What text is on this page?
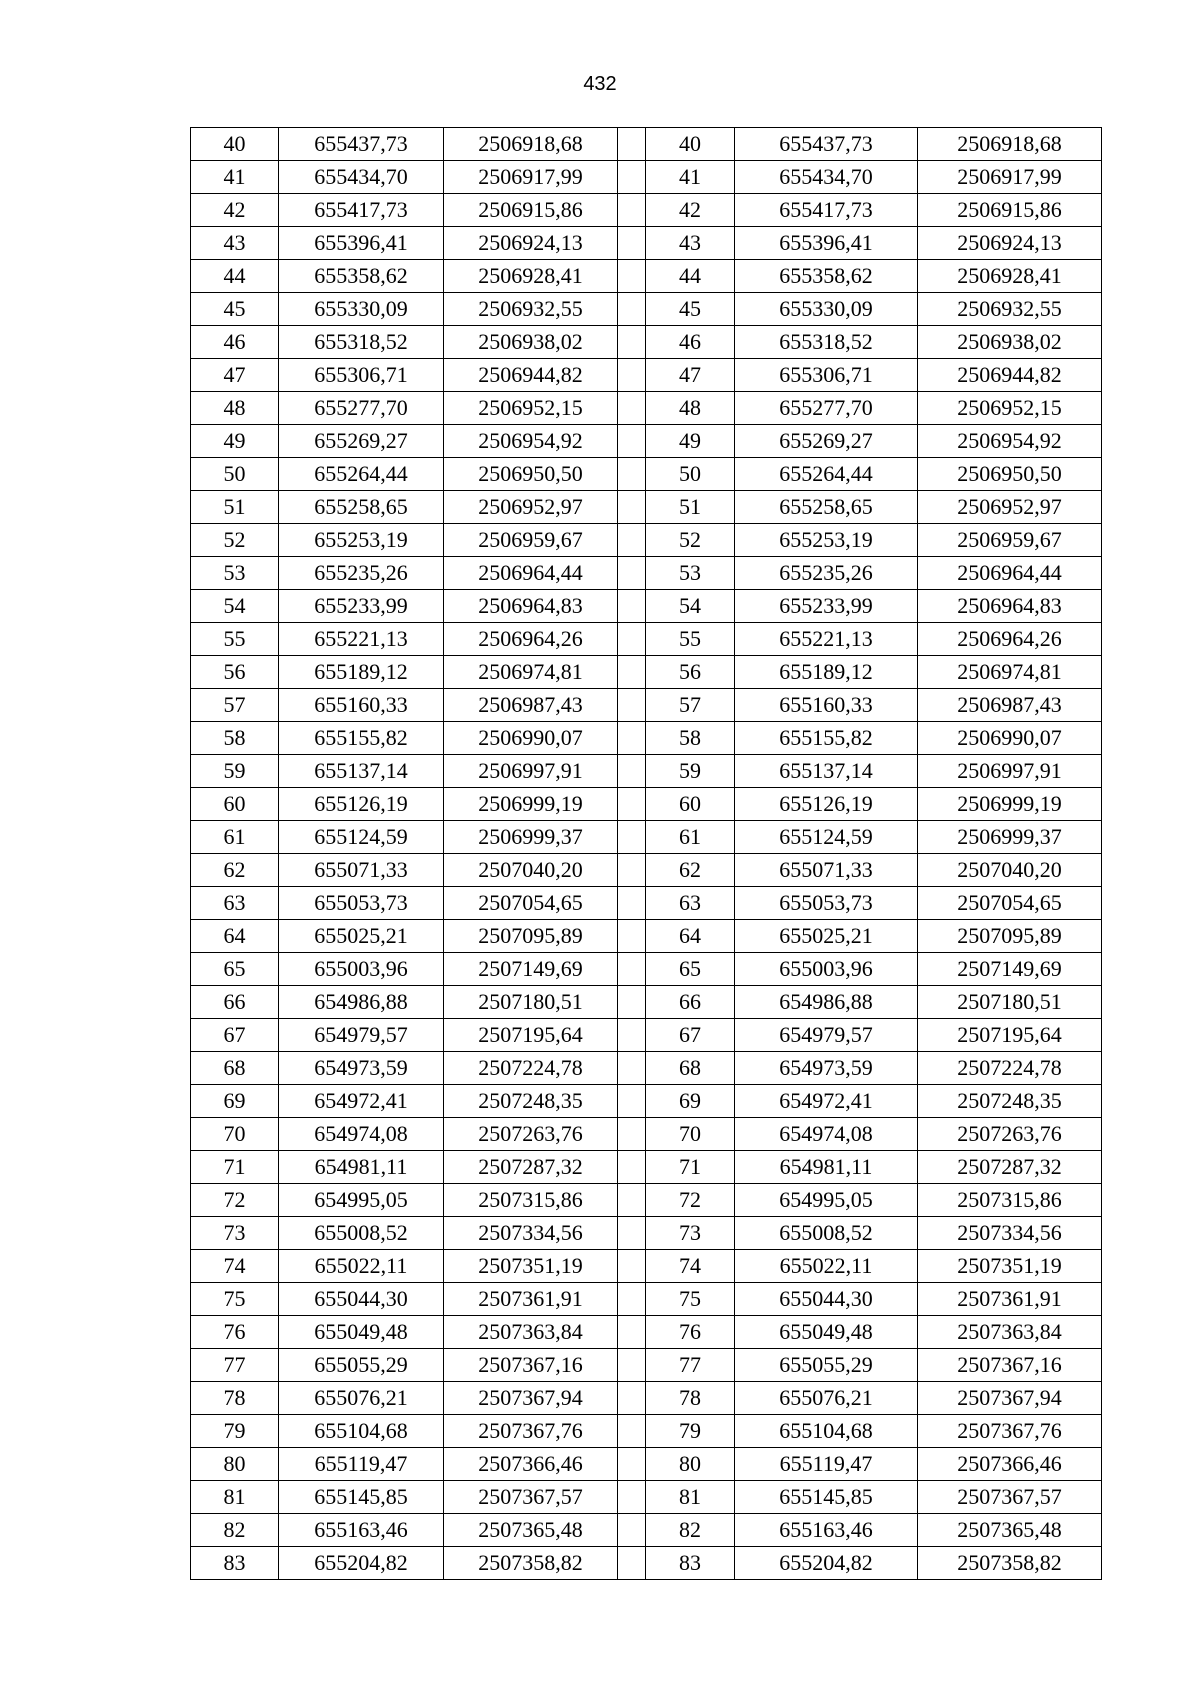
432
40	655437,73	2506918,68		40	655437,73	2506918,68
41	655434,70	2506917,99		41	655434,70	2506917,99
42	655417,73	2506915,86		42	655417,73	2506915,86
43	655396,41	2506924,13		43	655396,41	2506924,13
44	655358,62	2506928,41		44	655358,62	2506928,41
45	655330,09	2506932,55		45	655330,09	2506932,55
46	655318,52	2506938,02		46	655318,52	2506938,02
47	655306,71	2506944,82		47	655306,71	2506944,82
48	655277,70	2506952,15		48	655277,70	2506952,15
49	655269,27	2506954,92		49	655269,27	2506954,92
50	655264,44	2506950,50		50	655264,44	2506950,50
51	655258,65	2506952,97		51	655258,65	2506952,97
52	655253,19	2506959,67		52	655253,19	2506959,67
53	655235,26	2506964,44		53	655235,26	2506964,44
54	655233,99	2506964,83		54	655233,99	2506964,83
55	655221,13	2506964,26		55	655221,13	2506964,26
56	655189,12	2506974,81		56	655189,12	2506974,81
57	655160,33	2506987,43		57	655160,33	2506987,43
58	655155,82	2506990,07		58	655155,82	2506990,07
59	655137,14	2506997,91		59	655137,14	2506997,91
60	655126,19	2506999,19		60	655126,19	2506999,19
61	655124,59	2506999,37		61	655124,59	2506999,37
62	655071,33	2507040,20		62	655071,33	2507040,20
63	655053,73	2507054,65		63	655053,73	2507054,65
64	655025,21	2507095,89		64	655025,21	2507095,89
65	655003,96	2507149,69		65	655003,96	2507149,69
66	654986,88	2507180,51		66	654986,88	2507180,51
67	654979,57	2507195,64		67	654979,57	2507195,64
68	654973,59	2507224,78		68	654973,59	2507224,78
69	654972,41	2507248,35		69	654972,41	2507248,35
70	654974,08	2507263,76		70	654974,08	2507263,76
71	654981,11	2507287,32		71	654981,11	2507287,32
72	654995,05	2507315,86		72	654995,05	2507315,86
73	655008,52	2507334,56		73	655008,52	2507334,56
74	655022,11	2507351,19		74	655022,11	2507351,19
75	655044,30	2507361,91		75	655044,30	2507361,91
76	655049,48	2507363,84		76	655049,48	2507363,84
77	655055,29	2507367,16		77	655055,29	2507367,16
78	655076,21	2507367,94		78	655076,21	2507367,94
79	655104,68	2507367,76		79	655104,68	2507367,76
80	655119,47	2507366,46		80	655119,47	2507366,46
81	655145,85	2507367,57		81	655145,85	2507367,57
82	655163,46	2507365,48		82	655163,46	2507365,48
83	655204,82	2507358,82		83	655204,82	2507358,82
